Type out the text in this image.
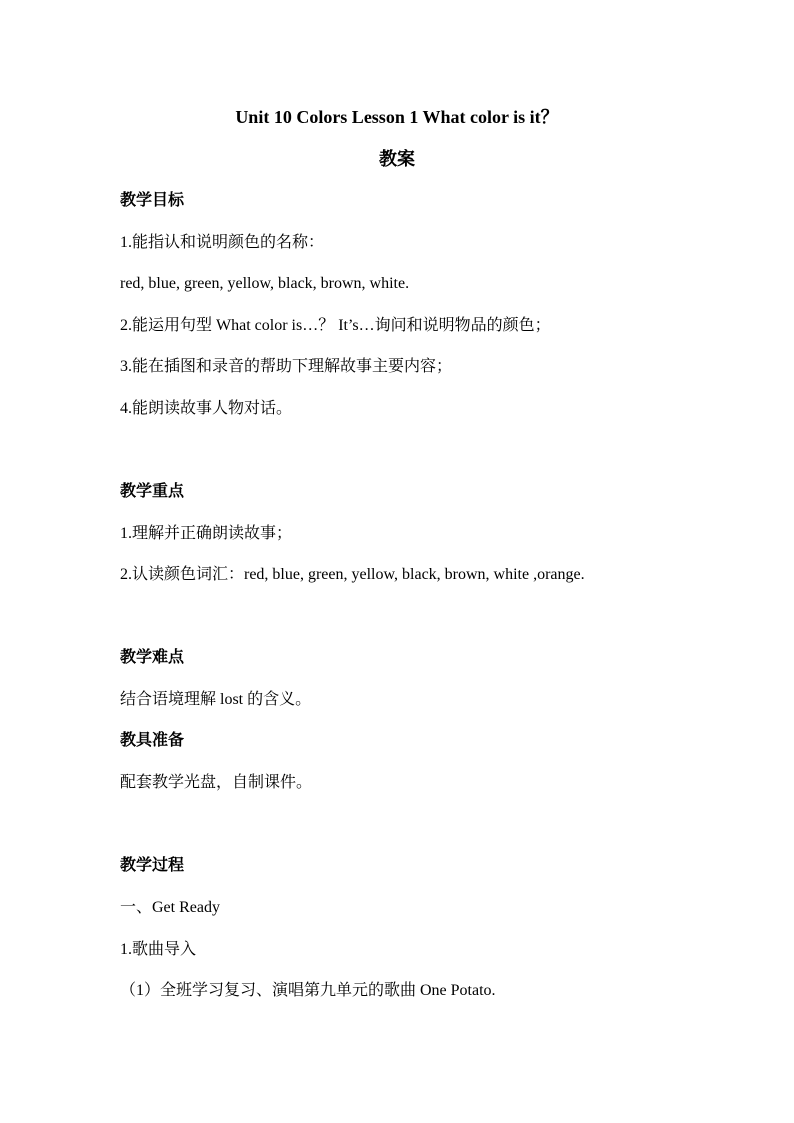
Unit 10 Colors Lesson 1 What color is it？
教案
教学目标
1.能指认和说明颜色的名称：
red, blue, green, yellow, black, brown, white.
2.能运用句型 What color is…？ It’s…询问和说明物品的颜色；
3.能在插图和录音的帮助下理解故事主要内容；
4.能朗读故事人物对话。
教学重点
1.理解并正确朗读故事；
2.认读颜色词汇：red, blue, green, yellow, black, brown, white ,orange.
教学难点
结合语境理解 lost 的含义。
教具准备
配套教学光盘，自制课件。
教学过程
一、Get Ready
1.歌曲导入
（1）全班学习复习、演唱第九单元的歌曲 One Potato.
